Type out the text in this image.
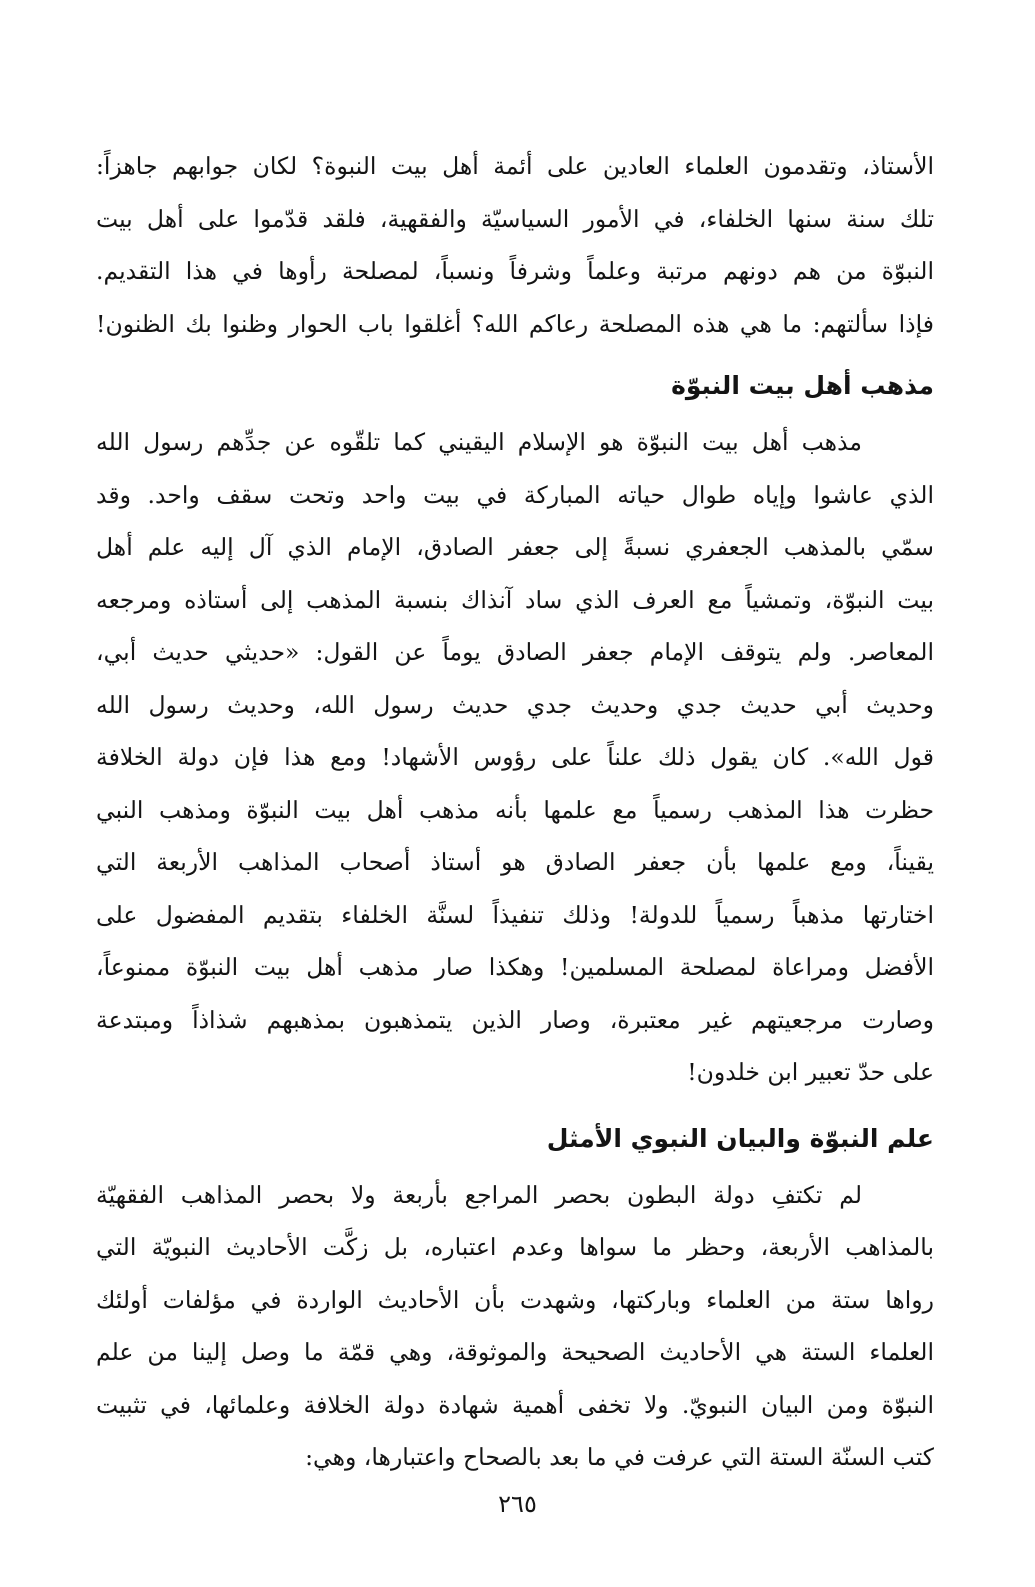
الأستاذ، وتقدمون العلماء العادين على أئمة أهل بيت النبوة؟ لكان جوابهم جاهزاً:
تلك سنة سنها الخلفاء، في الأمور السياسيّة والفقهية، فلقد قدّموا على أهل بيت
النبوّة من هم دونهم مرتبة وعلماً وشرفاً ونسباً، لمصلحة رأوها في هذا التقديم.
فإذا سألتهم: ما هي هذه المصلحة رعاكم الله؟ أغلقوا باب الحوار وظنوا بك الظنون!
مذهب أهل بيت النبوّة
مذهب أهل بيت النبوّة هو الإسلام اليقيني كما تلقّوه عن جدِّهم رسول الله
الذي عاشوا وإياه طوال حياته المباركة في بيت واحد وتحت سقف واحد. وقد
سمّي بالمذهب الجعفري نسبةً إلى جعفر الصادق، الإمام الذي آل إليه علم أهل
بيت النبوّة، وتمشياً مع العرف الذي ساد آنذاك بنسبة المذهب إلى أستاذه ومرجعه
المعاصر. ولم يتوقف الإمام جعفر الصادق يوماً عن القول: «حديثي حديث أبي،
وحديث أبي حديث جدي وحديث جدي حديث رسول الله، وحديث رسول الله
قول الله». كان يقول ذلك علناً على رؤوس الأشهاد! ومع هذا فإن دولة الخلافة
حظرت هذا المذهب رسمياً مع علمها بأنه مذهب أهل بيت النبوّة ومذهب النبي
يقيناً، ومع علمها بأن جعفر الصادق هو أستاذ أصحاب المذاهب الأربعة التي
اختارتها مذهباً رسمياً للدولة! وذلك تنفيذاً لسنَّة الخلفاء بتقديم المفضول على
الأفضل ومراعاة لمصلحة المسلمين! وهكذا صار مذهب أهل بيت النبوّة ممنوعاً،
وصارت مرجعيتهم غير معتبرة، وصار الذين يتمذهبون بمذهبهم شذاذاً ومبتدعة
على حدّ تعبير ابن خلدون!
علم النبوّة والبيان النبوي الأمثل
لم تكتفِ دولة البطون بحصر المراجع بأربعة ولا بحصر المذاهب الفقهيّة
بالمذاهب الأربعة، وحظر ما سواها وعدم اعتباره، بل زكَّت الأحاديث النبويّة التي
رواها ستة من العلماء وباركتها، وشهدت بأن الأحاديث الواردة في مؤلفات أولئك
العلماء الستة هي الأحاديث الصحيحة والموثوقة، وهي قمّة ما وصل إلينا من علم
النبوّة ومن البيان النبويّ. ولا تخفى أهمية شهادة دولة الخلافة وعلمائها، في تثبيت
كتب السنّة الستة التي عرفت في ما بعد بالصحاح واعتبارها، وهي:
٢٦٥
